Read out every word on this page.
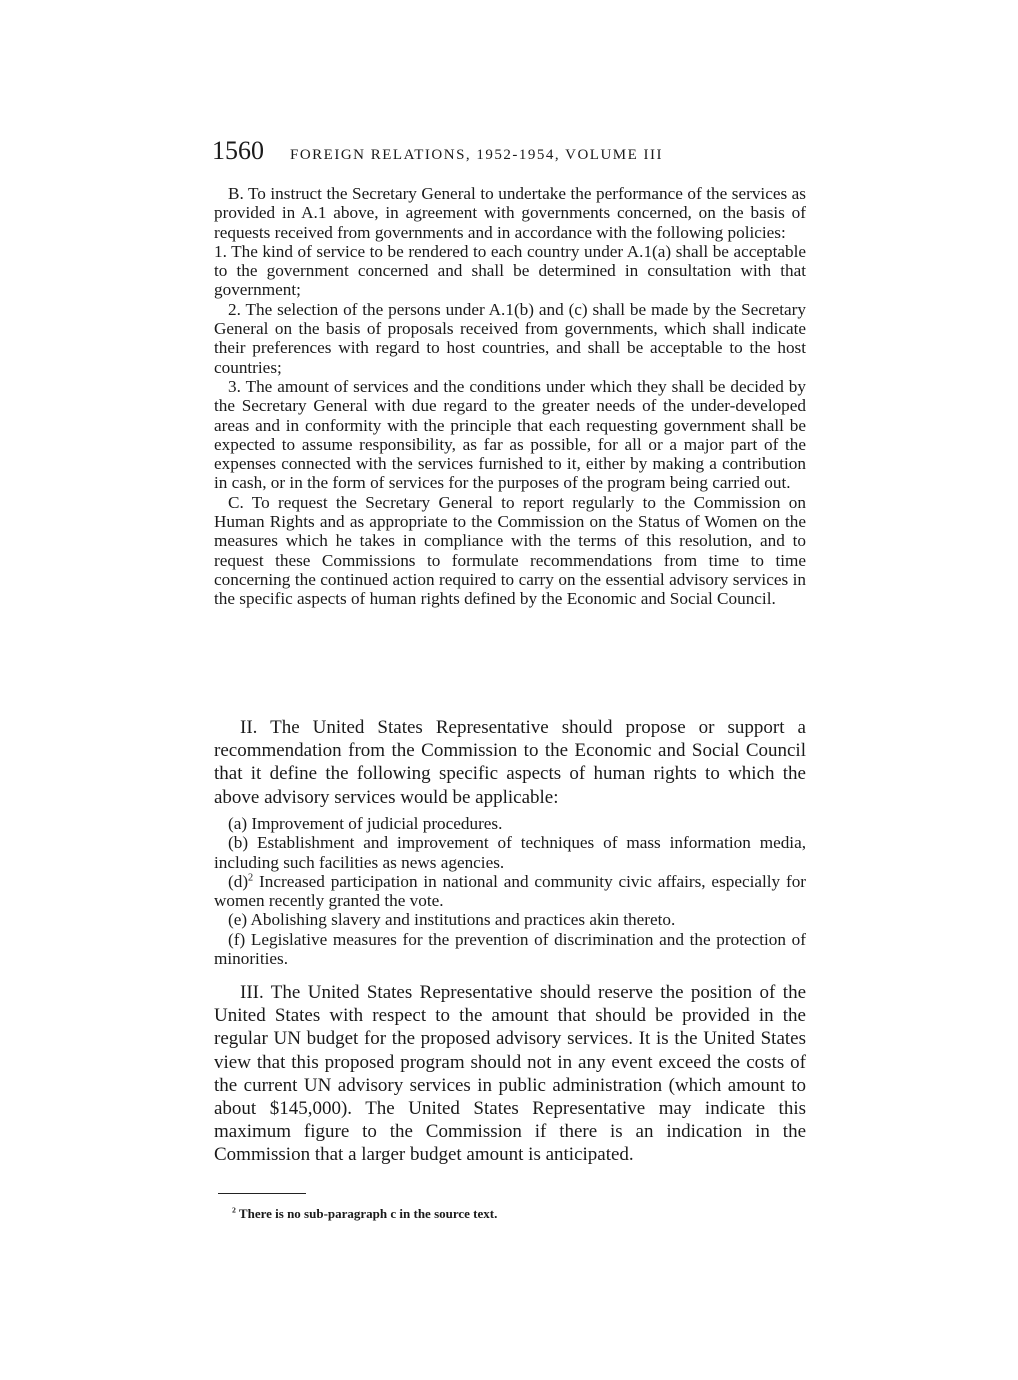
1560 FOREIGN RELATIONS, 1952-1954, VOLUME III

B. To instruct the Secretary General to undertake the performance of the services as provided in A.1 above, in agreement with governments concerned, on the basis of requests received from governments and in accordance with the following policies:

1. The kind of service to be rendered to each country under A.1(a) shall be acceptable to the government concerned and shall be determined in consultation with that government;

2. The selection of the persons under A.1(b) and (c) shall be made by the Secretary General on the basis of proposals received from governments, which shall indicate their preferences with regard to host countries, and shall be acceptable to the host countries;

3. The amount of services and the conditions under which they shall be decided by the Secretary General with due regard to the greater needs of the under-developed areas and in conformity with the principle that each requesting government shall be expected to assume responsibility, as far as possible, for all or a major part of the expenses connected with the services furnished to it, either by making a contribution in cash, or in the form of services for the purposes of the program being carried out.

C. To request the Secretary General to report regularly to the Commission on Human Rights and as appropriate to the Commission on the Status of Women on the measures which he takes in compliance with the terms of this resolution, and to request these Commissions to formulate recommendations from time to time concerning the continued action required to carry on the essential advisory services in the specific aspects of human rights defined by the Economic and Social Council.

II. The United States Representative should propose or support a recommendation from the Commission to the Economic and Social Council that it define the following specific aspects of human rights to which the above advisory services would be applicable:

(a) Improvement of judicial procedures.

(b) Establishment and improvement of techniques of mass information media, including such facilities as news agencies.

$(d)^2$ Increased participation in national and community civic affairs, especially for women recently granted the vote.

(e) Abolishing slavery and institutions and practices akin thereto.

(f) Legislative measures for the prevention of discrimination and the protection of minorities.

III. The United States Representative should reserve the position of the United States with respect to the amount that should be provided in the regular UN budget for the proposed advisory services. It is the United States view that this proposed program should not in any event exceed the costs of the current UN advisory services in public administration (which amount to about $145,000). The United States Representative may indicate this maximum figure to the Commission if there is an indication in the Commission that a larger budget amount is anticipated.

$^2$ There is no sub-paragraph c in the source text.
